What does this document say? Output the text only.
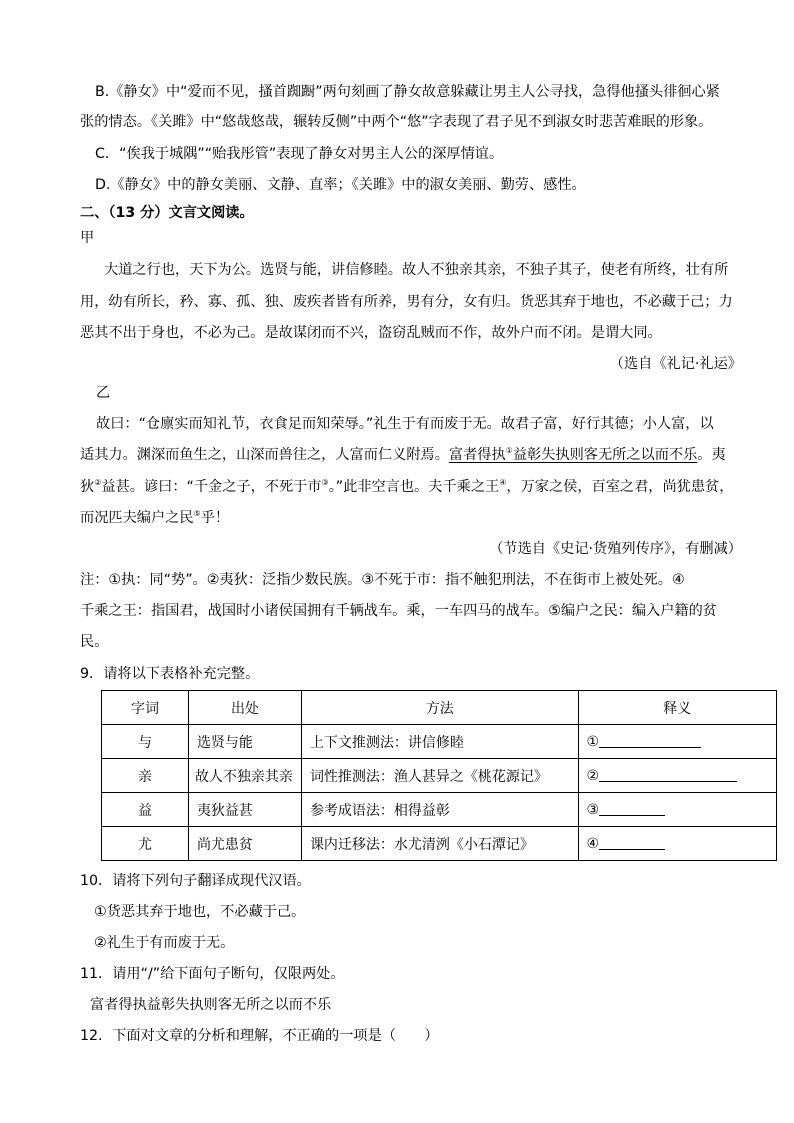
B.《静女》中“爱而不见，搔首踟蹰”两句刻画了静女故意躲藏让男主人公寻找，急得他搔头徘徊心紧
张的情态。《关雎》中“悠哉悠哉，辗转反侧”中两个“悠”字表现了君子见不到淑女时悲苦难眠的形象。
C．“俟我于城隅”“贻我彤管”表现了静女对男主人公的深厚情谊。
D.《静女》中的静女美丽、文静、直率；《关雎》中的淑女美丽、勤劳、感性。
二、（13 分）文言文阅读。
甲
大道之行也，天下为公。选贤与能，讲信修睦。故人不独亲其亲，不独子其子，使老有所终，壮有所
用，幼有所长，矜、寡、孤、独、废疾者皆有所养，男有分，女有归。货恶其弃于地也，不必藏于己；力
恶其不出于身也，不必为己。是故谋闭而不兴，盗窃乱贼而不作，故外户而不闭。是谓大同。
（选自《礼记·礼运》
乙
故曰：“仓廪实而知礼节，衣食足而知荣辱。”礼生于有而废于无。故君子富，好行其德；小人富，以
适其力。渊深而鱼生之，山深而兽往之，人富而仁义附焉。富者得执①益彰失执则客无所之以而不乐。夷
狄②益甚。谚曰：“千金之子，不死于市③。”此非空言也。夫千乘之王④，万家之侯，百室之君，尚犹患贫，
而况匹夫编户之民⑤乎！
（节选自《史记·货殖列传序》，有删减）
注：①执：同“势”。②夷狄：泛指少数民族。③不死于市：指不触犯刑法，不在街市上被处死。④
千乘之王：指国君，战国时小诸侯国拥有千辆战车。乘，一车四马的战车。⑤编户之民：编入户籍的贫
民。
9．请将以下表格补充完整。
字词	出处	方法	释义
与	选贤与能	上下文推测法：讲信修睦	①
亲	故人不独亲其亲	词性推测法：渔人甚异之《桃花源记》	②
益	夷狄益甚	参考成语法：相得益彰	③
尤	尚尤患贫	课内迁移法：水尤清洌《小石潭记》	④
10．请将下列句子翻译成现代汉语。
①货恶其弃于地也，不必藏于己。
②礼生于有而废于无。
11．请用“/”给下面句子断句，仅限两处。
富者得执益彰失执则客无所之以而不乐
12．下面对文章的分析和理解，不正确的一项是（　　）
